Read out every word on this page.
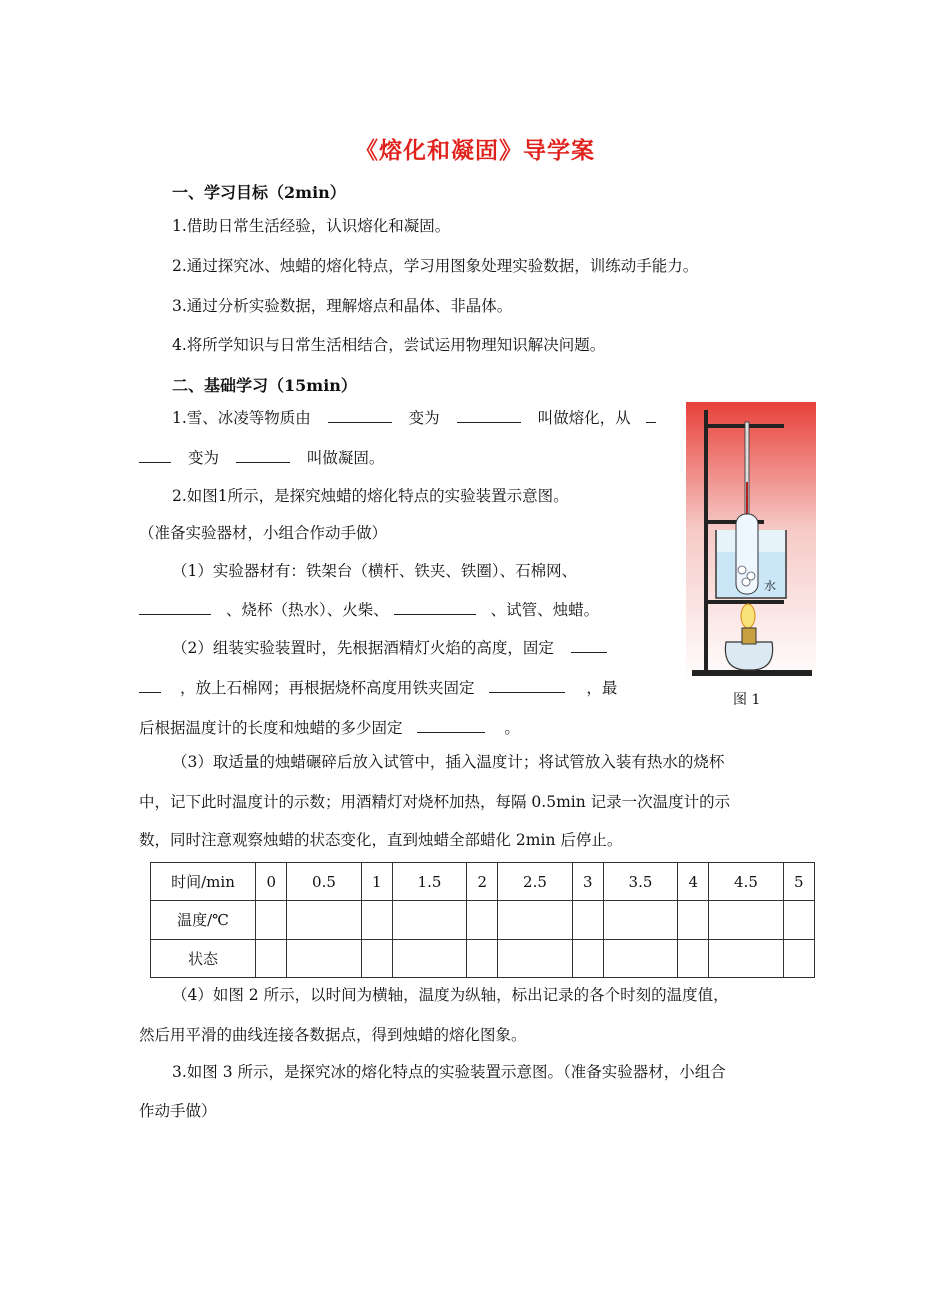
《熔化和凝固》导学案
一、学习目标（2min）
1.借助日常生活经验，认识熔化和凝固。
2.通过探究冰、烛蜡的熔化特点，学习用图象处理实验数据，训练动手能力。
3.通过分析实验数据，理解熔点和晶体、非晶体。
4.将所学知识与日常生活相结合，尝试运用物理知识解决问题。
二、基础学习（15min）
1.雪、冰凌等物质由	变为	叫做熔化，从
变为	叫做凝固。
2.如图1所示，是探究烛蜡的熔化特点的实验装置示意图。
（准备实验器材，小组合作动手做）
（1）实验器材有：铁架台（横杆、铁夹、铁圈）、石棉网、
、烧杯（热水）、火柴、	、试管、烛蜡。
（2）组装实验装置时，先根据酒精灯火焰的高度，固定
，放上石棉网；再根据烧杯高度用铁夹固定	，最
后根据温度计的长度和烛蜡的多少固定	。
（3）取适量的烛蜡碾碎后放入试管中，插入温度计；将试管放入装有热水的烧杯
中，记下此时温度计的示数；用酒精灯对烧杯加热，每隔 0.5min 记录一次温度计的示
数，同时注意观察烛蜡的状态变化，直到烛蜡全部蜡化 2min 后停止。
水
图 1
时间/min	0	0.5	1	1.5	2	2.5	3	3.5	4	4.5	5
温度/℃											
状态											
（4）如图 2 所示，以时间为横轴，温度为纵轴，标出记录的各个时刻的温度值，
然后用平滑的曲线连接各数据点，得到烛蜡的熔化图象。
3.如图 3 所示，是探究冰的熔化特点的实验装置示意图。（准备实验器材，小组合
作动手做）
